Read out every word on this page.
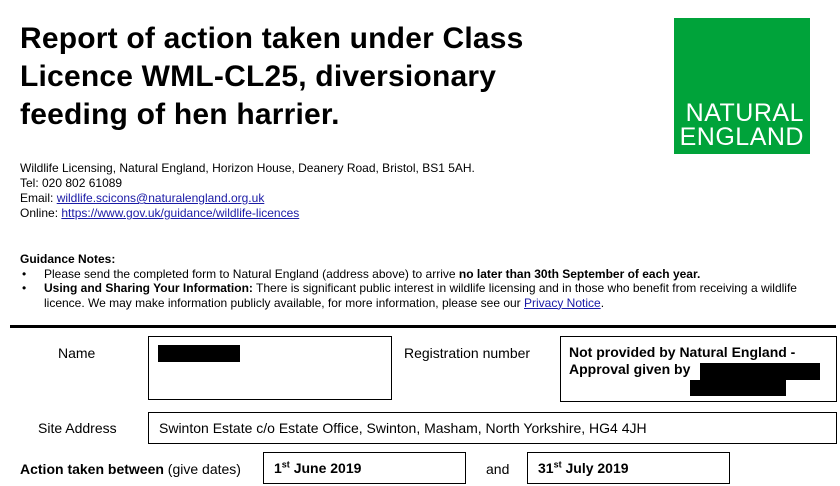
Report of action taken under Class
Licence WML-CL25, diversionary
feeding of hen harrier.	NATURAL
ENGLAND
Wildlife Licensing, Natural England, Horizon House, Deanery Road, Bristol, BS1 5AH.
Tel: 020 802 61089
Email: wildlife.scicons@naturalengland.org.uk
Online: https://www.gov.uk/guidance/wildlife-licences
Guidance Notes:
• Please send the completed form to Natural England (address above) to arrive no later than 30th September of each year.
• Using and Sharing Your Information: There is significant public interest in wildlife licensing and in those who benefit from receiving a wildlife licence. We may make information publicly available, for more information, please see our Privacy Notice.
Name	Registration number	Not provided by Natural England -
Approval given by
Site Address	Swinton Estate c/o Estate Office, Swinton, Masham, North Yorkshire, HG4 4JH
Action taken between (give dates)	1st June 2019	and	31st July 2019
